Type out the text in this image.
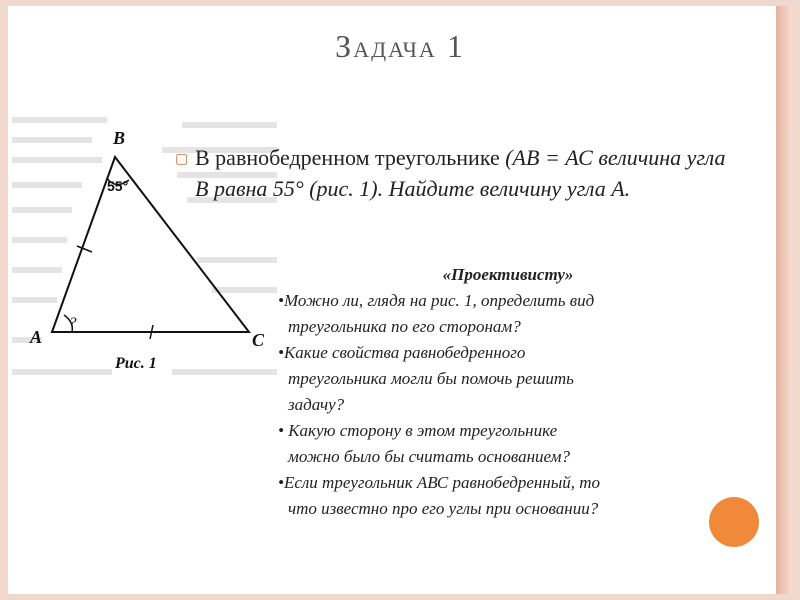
Задача 1
B
55°
A
?
C
Рис. 1
▢ В равнобедренном треугольнике (АВ = АС величина угла В равна 55° (рис. 1). Найдите величину угла А.
«Проективисту»
•Можно ли, глядя на рис. 1, определить вид
треугольника по его сторонам?
•Какие свойства равнобедренного
треугольника могли бы помочь решить
задачу?
• Какую сторону в этом треугольнике
можно было бы считать основанием?
•Если треугольник АВС равнобедренный, то
что известно про его углы при основании?
